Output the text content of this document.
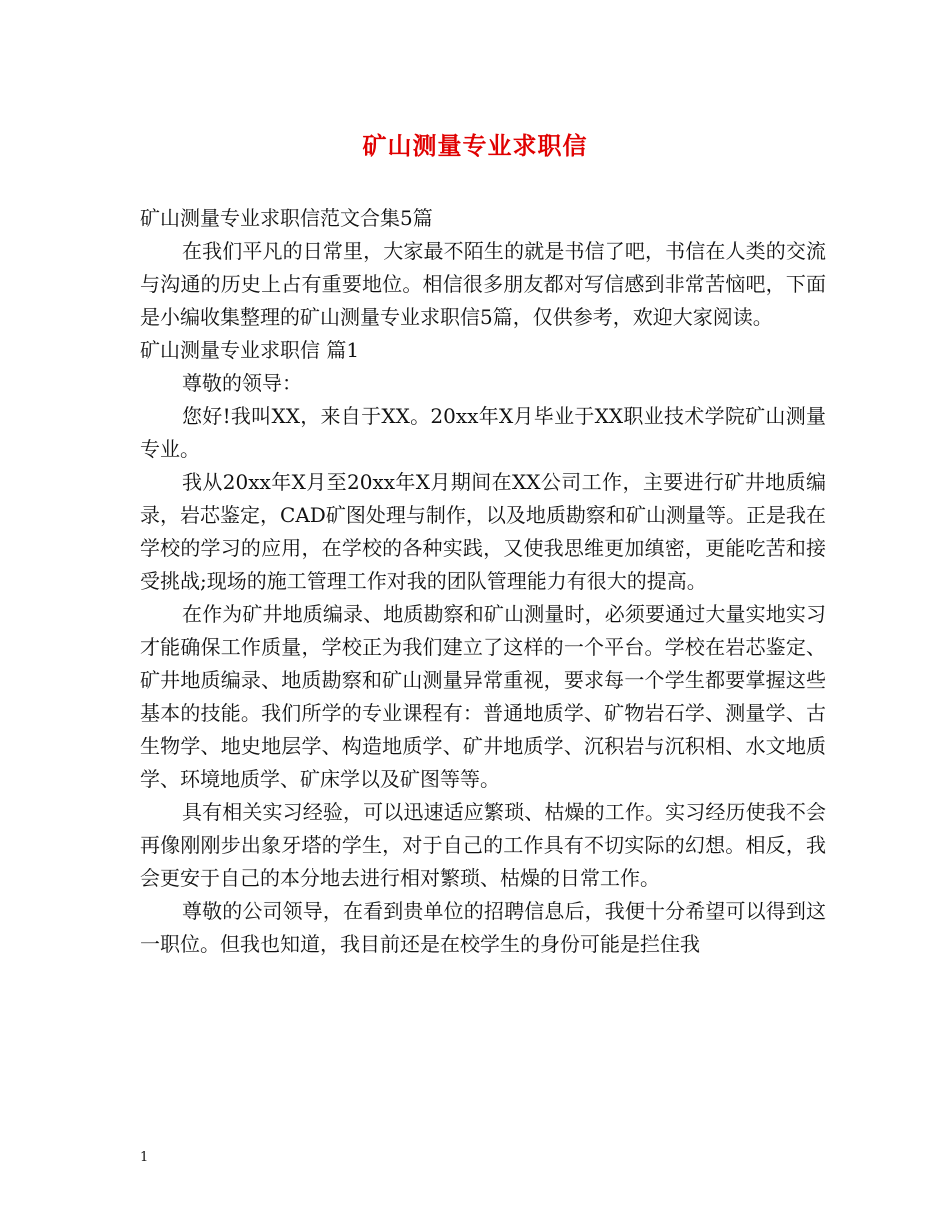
矿山测量专业求职信

矿山测量专业求职信范文合集5篇

在我们平凡的日常里，大家最不陌生的就是书信了吧，书信在人类的交流与沟通的历史上占有重要地位。相信很多朋友都对写信感到非常苦恼吧，下面是小编收集整理的矿山测量专业求职信5篇，仅供参考，欢迎大家阅读。

矿山测量专业求职信 篇1

尊敬的领导：

您好!我叫XX，来自于XX。20xx年X月毕业于XX职业技术学院矿山测量专业。

我从20xx年X月至20xx年X月期间在XX公司工作，主要进行矿井地质编录，岩芯鉴定，CAD矿图处理与制作，以及地质勘察和矿山测量等。正是我在学校的学习的应用，在学校的各种实践，又使我思维更加缜密，更能吃苦和接受挑战;现场的施工管理工作对我的团队管理能力有很大的提高。

在作为矿井地质编录、地质勘察和矿山测量时，必须要通过大量实地实习才能确保工作质量，学校正为我们建立了这样的一个平台。学校在岩芯鉴定、矿井地质编录、地质勘察和矿山测量异常重视，要求每一个学生都要掌握这些基本的技能。我们所学的专业课程有：普通地质学、矿物岩石学、测量学、古生物学、地史地层学、构造地质学、矿井地质学、沉积岩与沉积相、水文地质学、环境地质学、矿床学以及矿图等等。

具有相关实习经验，可以迅速适应繁琐、枯燥的工作。实习经历使我不会再像刚刚步出象牙塔的学生，对于自己的工作具有不切实际的幻想。相反，我会更安于自己的本分地去进行相对繁琐、枯燥的日常工作。

尊敬的公司领导，在看到贵单位的招聘信息后，我便十分希望可以得到这一职位。但我也知道，我目前还是在校学生的身份可能是拦住我

1
